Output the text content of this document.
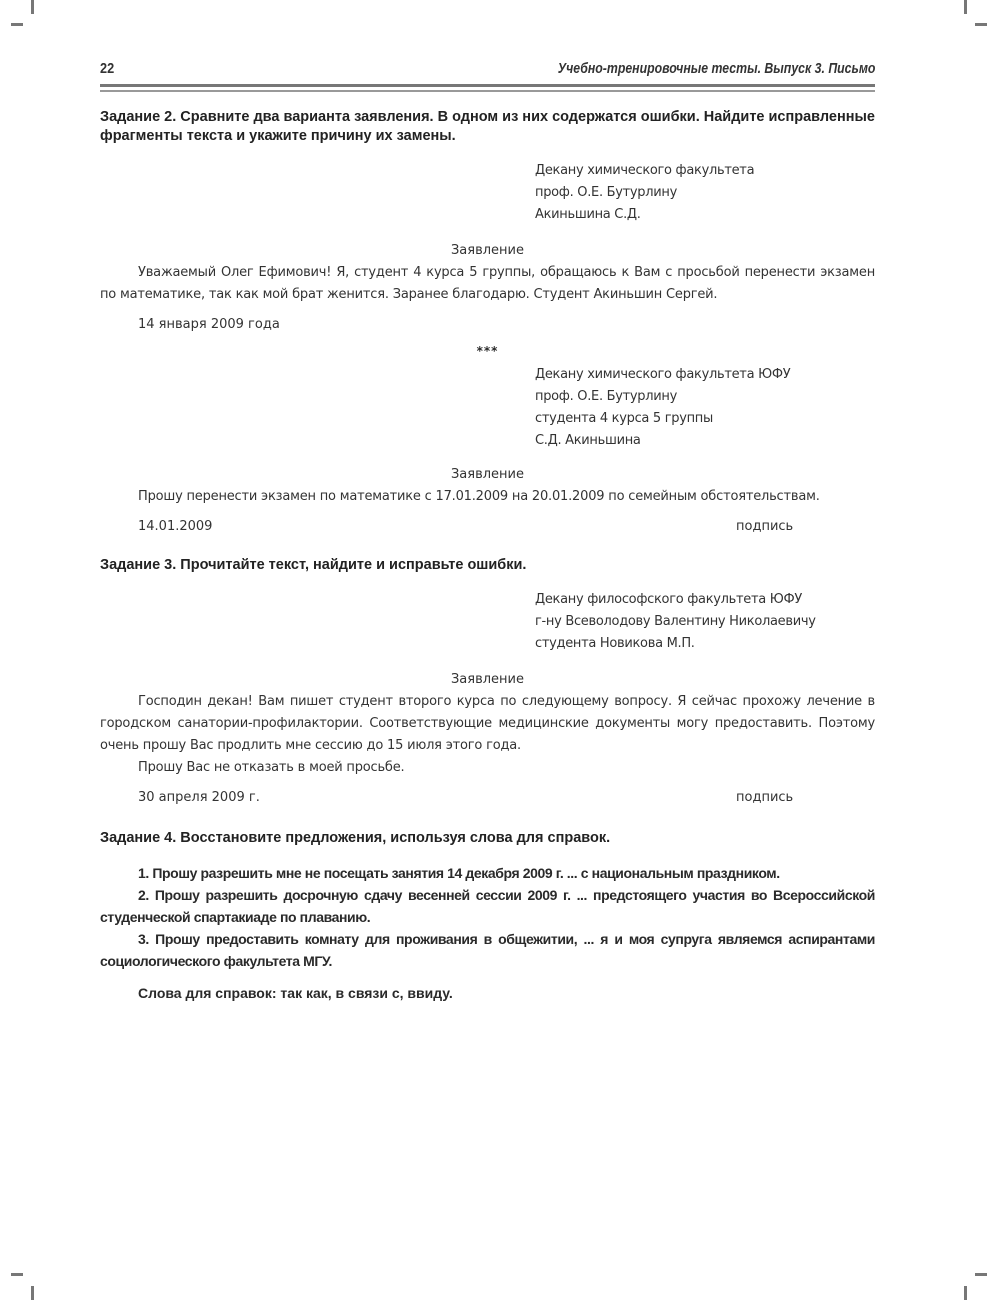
22	Учебно-тренировочные тесты. Выпуск 3. Письмо
Задание 2. Сравните два варианта заявления. В одном из них содержатся ошибки. Найдите исправленные фрагменты текста и укажите причину их замены.
Декану химического факультета
проф. О.Е. Бутурлину
Акиньшина С.Д.
Заявление
Уважаемый Олег Ефимович! Я, студент 4 курса 5 группы, обращаюсь к Вам с просьбой перенести экзамен по математике, так как мой брат женится. Заранее благодарю. Студент Акиньшин Сергей.
14 января 2009 года
***
Декану химического факультета ЮФУ
проф. О.Е. Бутурлину
студента 4 курса 5 группы
С.Д. Акиньшина
Заявление
Прошу перенести экзамен по математике с 17.01.2009 на 20.01.2009 по семейным обстоятельствам.
14.01.2009	подпись
Задание 3. Прочитайте текст, найдите и исправьте ошибки.
Декану философского факультета ЮФУ
г-ну Всеволодову Валентину Николаевичу
студента Новикова М.П.
Заявление
Господин декан! Вам пишет студент второго курса по следующему вопросу. Я сейчас прохожу лечение в городском санатории-профилактории. Соответствующие медицинские документы могу предоставить. Поэтому очень прошу Вас продлить мне сессию до 15 июля этого года.
Прошу Вас не отказать в моей просьбе.
30 апреля 2009 г.	подпись
Задание 4. Восстановите предложения, используя слова для справок.
1. Прошу разрешить мне не посещать занятия 14 декабря 2009 г. ... с национальным праздником.
2. Прошу разрешить досрочную сдачу весенней сессии 2009 г. ... предстоящего участия во Всероссийской студенческой спартакиаде по плаванию.
3. Прошу предоставить комнату для проживания в общежитии, ... я и моя супруга являемся аспирантами социологического факультета МГУ.
Слова для справок: так как, в связи с, ввиду.
